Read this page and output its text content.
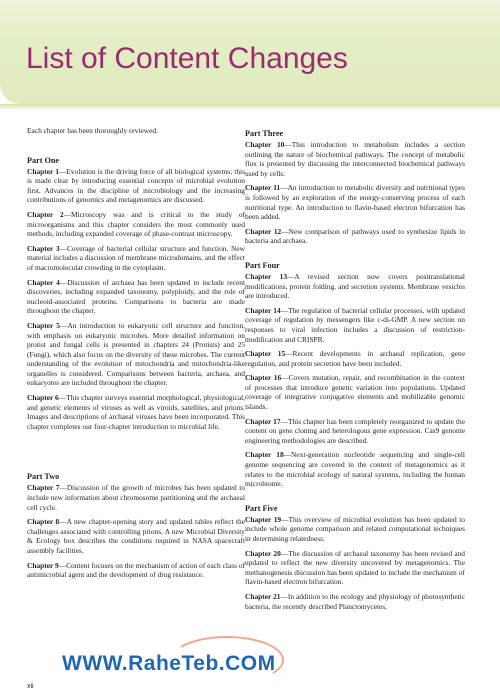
List of Content Changes

Each chapter has been thoroughly reviewed.

Part One

Chapter 1—Evolution is the driving force of all biological systems; this is made clear by introducing essential concepts of microbial evolution first. Advances in the discipline of microbiology and the increasing contributions of genomics and metagenomics are discussed.

Chapter 2—Microscopy was and is critical to the study of microorganisms and this chapter considers the most commonly used methods, including expanded coverage of phase-contrast microscopy.

Chapter 3—Coverage of bacterial cellular structure and function. New material includes a discussion of membrane microdomains, and the effect of macromolecular crowding in the cytoplasm.

Chapter 4—Discussion of archaea has been updated to include recent discoveries, including expanded taxonomy, polyploidy, and the role of nucleoid-associated proteins. Comparisons to bacteria are made throughout the chapter.

Chapter 5—An introduction to eukaryotic cell structure and function, with emphasis on eukaryotic microbes. More detailed information on protist and fungal cells is presented in chapters 24 (Protists) and 25 (Fungi), which also focus on the diversity of these microbes. The current understanding of the evolution of mitochondria and mitochondria-like organelles is considered. Comparisons between bacteria, archaea, and eukaryotes are included throughout the chapter.

Chapter 6—This chapter surveys essential morphological, physiological, and genetic elements of viruses as well as viroids, satellites, and prions. Images and descriptions of archaeal viruses have been incorporated. This chapter completes our four-chapter introduction to microbial life.

Part Two

Chapter 7—Discussion of the growth of microbes has been updated to include new information about chromosome partitioning and the archaeal cell cycle.

Chapter 8—A new chapter-opening story and updated tables reflect the challenges associated with controlling prions. A new Microbial Diversity & Ecology box describes the conditions required in NASA spacecraft assembly facilities.

Chapter 9—Content focuses on the mechanism of action of each class of antimicrobial agent and the development of drug resistance.

Part Three

Chapter 10—This introduction to metabolism includes a section outlining the nature of biochemical pathways. The concept of metabolic flux is presented by discussing the interconnected biochemical pathways used by cells.

Chapter 11—An introduction to metabolic diversity and nutritional types is followed by an exploration of the energy-conserving process of each nutritional type. An introduction to flavin-based electron bifurcation has been added.

Chapter 12—New comparison of pathways used to synthesize lipids in bacteria and archaea.

Part Four

Chapter 13—A revised section now covers posttranslational modifications, protein folding, and secretion systems. Membrane vesicles are introduced.

Chapter 14—The regulation of bacterial cellular processes, with updated coverage of regulation by messengers like c-di-GMP. A new section on responses to viral infection includes a discussion of restriction-modification and CRISPR.

Chapter 15—Recent developments in archaeal replication, gene regulation, and protein secretion have been included.

Chapter 16—Covers mutation, repair, and recombination in the context of processes that introduce genetic variation into populations. Updated coverage of integrative conjugative elements and mobilizable genomic islands.

Chapter 17—This chapter has been completely reorganized to update the content on gene cloning and heterologous gene expression. Cas9 genome engineering methodologies are described.

Chapter 18—Next-generation nucleotide sequencing and single-cell genome sequencing are covered in the context of metagenomics as it relates to the microbial ecology of natural systems, including the human microbiome.

Part Five

Chapter 19—This overview of microbial evolution has been updated to include whole genome comparison and related computational techniques in determining relatedness.

Chapter 20—The discussion of archaeal taxonomy has been revised and updated to reflect the new diversity uncovered by metagenomics. The methanogenesis discussion has been updated to include the mechanism of flavin-based electron bifurcation.

Chapter 21—In addition to the ecology and physiology of photosynthetic bacteria, the recently described Planctomycetes,

WWW.RaheTeb.COM

xii
